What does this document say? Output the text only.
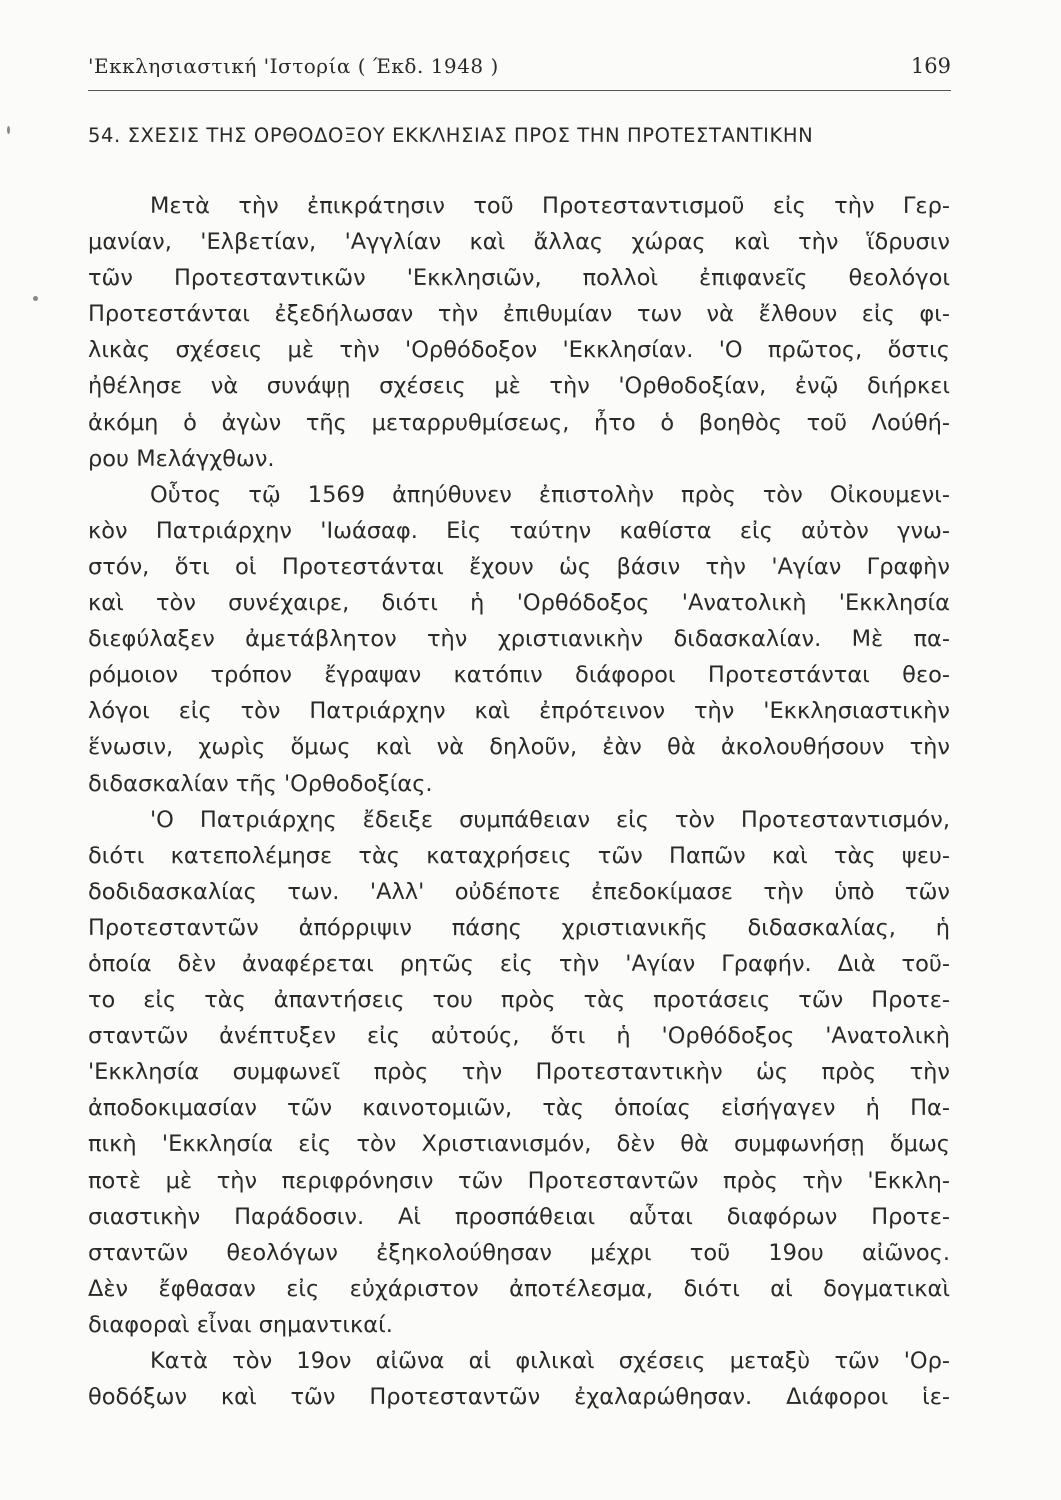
'Εκκλησιαστική 'Ιστορία ( Έκδ. 1948 )	169
54. ΣΧΕΣΙΣ ΤΗΣ ΟΡΘΟΔΟΞΟΥ ΕΚΚΛΗΣΙΑΣ ΠΡΟΣ ΤΗΝ ΠΡΟΤΕΣΤΑΝΤΙΚΗΝ
Μετὰ τὴν ἐπικράτησιν τοῦ Προτεσταντισμοῦ εἰς τὴν Γερ-
μανίαν, 'Ελβετίαν, 'Αγγλίαν καὶ ἄλλας χώρας καὶ τὴν ἵδρυσιν
τῶν Προτεσταντικῶν 'Εκκλησιῶν, πολλοὶ ἐπιφανεῖς θεολόγοι
Προτεστάνται ἐξεδήλωσαν τὴν ἐπιθυμίαν των νὰ ἔλθουν εἰς φι-
λικὰς σχέσεις μὲ τὴν 'Ορθόδοξον 'Εκκλησίαν. 'Ο πρῶτος, ὅστις
ἠθέλησε νὰ συνάψῃ σχέσεις μὲ τὴν 'Ορθοδοξίαν, ἐνῷ διήρκει
ἀκόμη ὁ ἀγὼν τῆς μεταρρυθμίσεως, ἦτο ὁ βοηθὸς τοῦ Λούθή-
ρου Μελάγχθων.
Οὗτος τῷ 1569 ἀπηύθυνεν ἐπιστολὴν πρὸς τὸν Οἰκουμενι-
κὸν Πατριάρχην 'Ιωάσαφ. Εἰς ταύτην καθίστα εἰς αὐτὸν γνω-
στόν, ὅτι οἱ Προτεστάνται ἔχουν ὡς βάσιν τὴν 'Αγίαν Γραφὴν
καὶ τὸν συνέχαιρε, διότι ἡ 'Ορθόδοξος 'Ανατολικὴ 'Εκκλησία
διεφύλαξεν ἀμετάβλητον τὴν χριστιανικὴν διδασκαλίαν. Μὲ πα-
ρόμοιον τρόπον ἔγραψαν κατόπιν διάφοροι Προτεστάνται θεο-
λόγοι εἰς τὸν Πατριάρχην καὶ ἐπρότεινον τὴν 'Εκκλησιαστικὴν
ἕνωσιν, χωρὶς ὅμως καὶ νὰ δηλοῦν, ἐὰν θὰ ἀκολουθήσουν τὴν
διδασκαλίαν τῆς 'Ορθοδοξίας.
'Ο Πατριάρχης ἔδειξε συμπάθειαν εἰς τὸν Προτεσταντισμόν,
διότι κατεπολέμησε τὰς καταχρήσεις τῶν Παπῶν καὶ τὰς ψευ-
δοδιδασκαλίας των. 'Αλλ' οὐδέποτε ἐπεδοκίμασε τὴν ὑπὸ τῶν
Προτεσταντῶν ἀπόρριψιν πάσης χριστιανικῆς διδασκαλίας, ἡ
ὁποία δὲν ἀναφέρεται ρητῶς εἰς τὴν 'Αγίαν Γραφήν. Διὰ τοῦ-
το εἰς τὰς ἀπαντήσεις του πρὸς τὰς προτάσεις τῶν Προτε-
σταντῶν ἀνέπτυξεν εἰς αὐτούς, ὅτι ἡ 'Ορθόδοξος 'Ανατολικὴ
'Εκκλησία συμφωνεῖ πρὸς τὴν Προτεσταντικὴν ὡς πρὸς τὴν
ἀποδοκιμασίαν τῶν καινοτομιῶν, τὰς ὁποίας εἰσήγαγεν ἡ Πα-
πικὴ 'Εκκλησία εἰς τὸν Χριστιανισμόν, δὲν θὰ συμφωνήσῃ ὅμως
ποτὲ μὲ τὴν περιφρόνησιν τῶν Προτεσταντῶν πρὸς τὴν 'Εκκλη-
σιαστικὴν Παράδοσιν. Αἱ προσπάθειαι αὗται διαφόρων Προτε-
σταντῶν θεολόγων ἐξηκολούθησαν μέχρι τοῦ 19ου αἰῶνος.
Δὲν ἔφθασαν εἰς εὐχάριστον ἀποτέλεσμα, διότι αἱ δογματικαὶ
διαφοραὶ εἶναι σημαντικαί.
Κατὰ τὸν 19ον αἰῶνα αἱ φιλικαὶ σχέσεις μεταξὺ τῶν 'Ορ-
θοδόξων καὶ τῶν Προτεσταντῶν ἐχαλαρώθησαν. Διάφοροι ἱε-
